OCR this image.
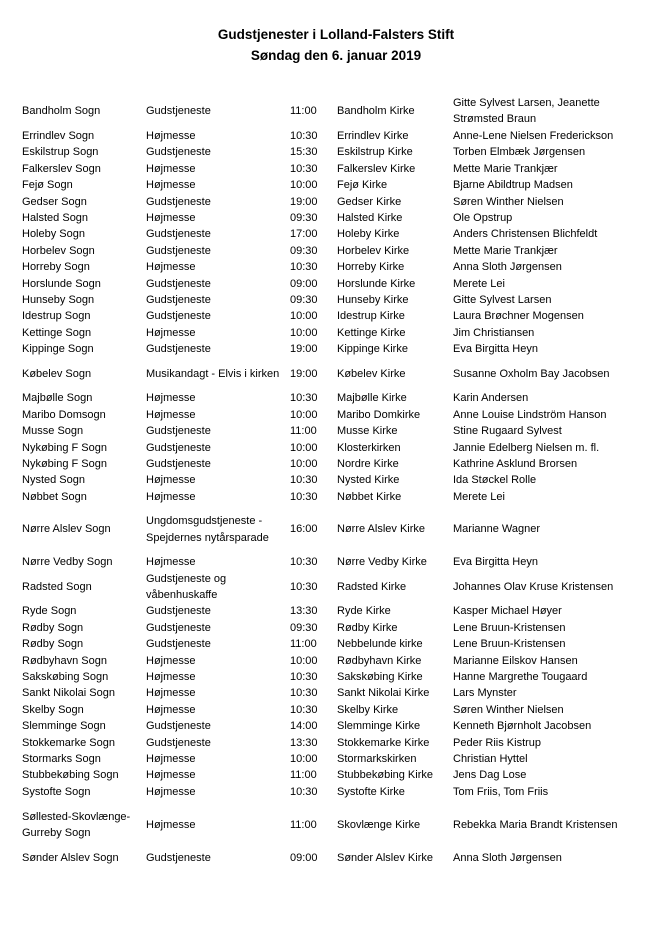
Gudstjenester i Lolland-Falsters Stift
Søndag den 6. januar 2019
Bandholm Sogn	Gudstjeneste	11:00	Bandholm Kirke	Gitte Sylvest Larsen, Jeanette Strømsted Braun
Errindlev Sogn	Højmesse	10:30	Errindlev Kirke	Anne-Lene Nielsen Frederickson
Eskilstrup Sogn	Gudstjeneste	15:30	Eskilstrup Kirke	Torben Elmbæk Jørgensen
Falkerslev Sogn	Højmesse	10:30	Falkerslev Kirke	Mette Marie Trankjær
Fejø Sogn	Højmesse	10:00	Fejø Kirke	Bjarne Abildtrup Madsen
Gedser Sogn	Gudstjeneste	19:00	Gedser Kirke	Søren Winther Nielsen
Halsted Sogn	Højmesse	09:30	Halsted Kirke	Ole Opstrup
Holeby Sogn	Gudstjeneste	17:00	Holeby Kirke	Anders Christensen Blichfeldt
Horbelev Sogn	Gudstjeneste	09:30	Horbelev Kirke	Mette Marie Trankjær
Horreby Sogn	Højmesse	10:30	Horreby Kirke	Anna Sloth Jørgensen
Horslunde Sogn	Gudstjeneste	09:00	Horslunde Kirke	Merete Lei
Hunseby Sogn	Gudstjeneste	09:30	Hunseby Kirke	Gitte Sylvest Larsen
Idestrup Sogn	Gudstjeneste	10:00	Idestrup Kirke	Laura Brøchner Mogensen
Kettinge Sogn	Højmesse	10:00	Kettinge Kirke	Jim Christiansen
Kippinge Sogn	Gudstjeneste	19:00	Kippinge Kirke	Eva Birgitta Heyn
Købelev Sogn	Musikandagt - Elvis i kirken	19:00	Købelev Kirke	Susanne Oxholm Bay Jacobsen
Majbølle Sogn	Højmesse	10:30	Majbølle Kirke	Karin Andersen
Maribo Domsogn	Højmesse	10:00	Maribo Domkirke	Anne Louise Lindström Hanson
Musse Sogn	Gudstjeneste	11:00	Musse Kirke	Stine Rugaard Sylvest
Nykøbing F Sogn	Gudstjeneste	10:00	Klosterkirken	Jannie Edelberg Nielsen m. fl.
Nykøbing F Sogn	Gudstjeneste	10:00	Nordre Kirke	Kathrine Asklund Brorsen
Nysted Sogn	Højmesse	10:30	Nysted Kirke	Ida Støckel Rolle
Nøbbet Sogn	Højmesse	10:30	Nøbbet Kirke	Merete Lei
Nørre Alslev Sogn	Ungdomsgudstjeneste - Spejdernes nytårsparade	16:00	Nørre Alslev Kirke	Marianne Wagner
Nørre Vedby Sogn	Højmesse	10:30	Nørre Vedby Kirke	Eva Birgitta Heyn
Radsted Sogn	Gudstjeneste og våbenhuskaffe	10:30	Radsted Kirke	Johannes Olav Kruse Kristensen
Ryde Sogn	Gudstjeneste	13:30	Ryde Kirke	Kasper Michael Høyer
Rødby Sogn	Gudstjeneste	09:30	Rødby Kirke	Lene Bruun-Kristensen
Rødby Sogn	Gudstjeneste	11:00	Nebbelunde kirke	Lene Bruun-Kristensen
Rødbyhavn Sogn	Højmesse	10:00	Rødbyhavn Kirke	Marianne Eilskov Hansen
Sakskøbing Sogn	Højmesse	10:30	Sakskøbing Kirke	Hanne Margrethe Tougaard
Sankt Nikolai Sogn	Højmesse	10:30	Sankt Nikolai Kirke	Lars Mynster
Skelby Sogn	Højmesse	10:30	Skelby Kirke	Søren Winther Nielsen
Slemminge Sogn	Gudstjeneste	14:00	Slemminge Kirke	Kenneth Bjørnholt Jacobsen
Stokkemarke Sogn	Gudstjeneste	13:30	Stokkemarke Kirke	Peder Riis Kistrup
Stormarks Sogn	Højmesse	10:00	Stormarkskirken	Christian Hyttel
Stubbekøbing Sogn	Højmesse	11:00	Stubbekøbing Kirke	Jens Dag Lose
Systofte Sogn	Højmesse	10:30	Systofte Kirke	Tom Friis, Tom Friis
Søllested-Skovlænge-Gurreby Sogn	Højmesse	11:00	Skovlænge Kirke	Rebekka Maria Brandt Kristensen
Sønder Alslev Sogn	Gudstjeneste	09:00	Sønder Alslev Kirke	Anna Sloth Jørgensen
